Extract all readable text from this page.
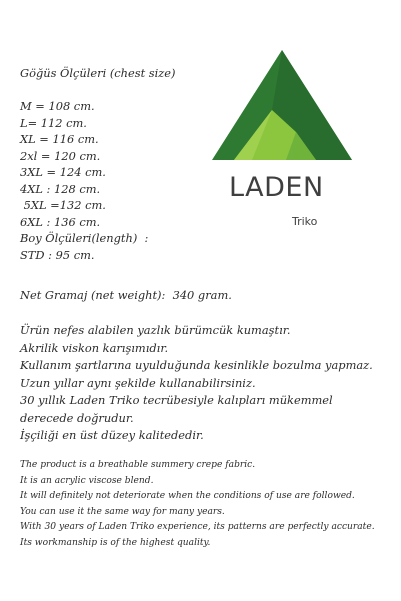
LADEN
Triko
Göğüs Ölçüleri (chest size)

M = 108 cm.
L= 112 cm.
XL = 116 cm.
2xl = 120 cm.
3XL = 124 cm.
4XL : 128 cm.
5XL =132 cm.
6XL : 136 cm.
Boy Ölçüleri(length)  :
STD : 95 cm.
Net Gramaj (net weight):  340 gram.
Ürün nefes alabilen yazlık bürümcük kumaştır.
Akrilik viskon karışımıdır.
Kullanım şartlarına uyulduğunda kesinlikle bozulma yapmaz.
Uzun yıllar aynı şekilde kullanabilirsiniz.
30 yıllık Laden Triko tecrübesiyle kalıpları mükemmel
derecede doğrudur.
İşçiliği en üst düzey kalitededir.
The product is a breathable summery crepe fabric.
It is an acrylic viscose blend.
It will definitely not deteriorate when the conditions of use are followed.
You can use it the same way for many years.
With 30 years of Laden Triko experience, its patterns are perfectly accurate.
Its workmanship is of the highest quality.
